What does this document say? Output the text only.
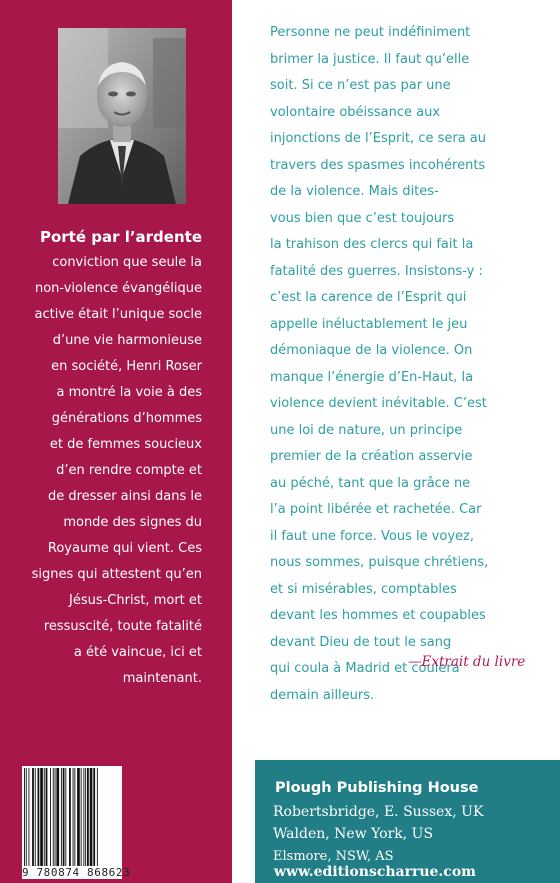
Porté par l’ardente
conviction que seule la
non-violence évangélique
active était l’unique socle
d’une vie harmonieuse
en société, Henri Roser
a montré la voie à des
générations d’hommes
et de femmes soucieux
d’en rendre compte et
de dresser ainsi dans le
monde des signes du
Royaume qui vient. Ces
signes qui attestent qu’en
Jésus-Christ, mort et
ressuscité, toute fatalité
a été vaincue, ici et
maintenant.
9 780874 868623
Personne ne peut indéfiniment
brimer la justice. Il faut qu’elle
soit. Si ce n’est pas par une
volontaire obéissance aux
injonctions de l’Esprit, ce sera au
travers des spasmes incohérents
de la violence. Mais dites-
vous bien que c’est toujours
la trahison des clercs qui fait la
fatalité des guerres. Insistons-y :
c’est la carence de l’Esprit qui
appelle inéluctablement le jeu
démoniaque de la violence. On
manque l’énergie d’En-Haut, la
violence devient inévitable. C’est
une loi de nature, un principe
premier de la création asservie
au péché, tant que la grâce ne
l’a point libérée et rachetée. Car
il faut une force. Vous le voyez,
nous sommes, puisque chrétiens,
et si misérables, comptables
devant les hommes et coupables
devant Dieu de tout le sang
qui coula à Madrid et coulera
demain ailleurs.
—Extrait du livre
Plough Publishing House
Robertsbridge, E. Sussex, UK
Walden, New York, US
Elsmore, NSW, AS
www.editionscharrue.com
